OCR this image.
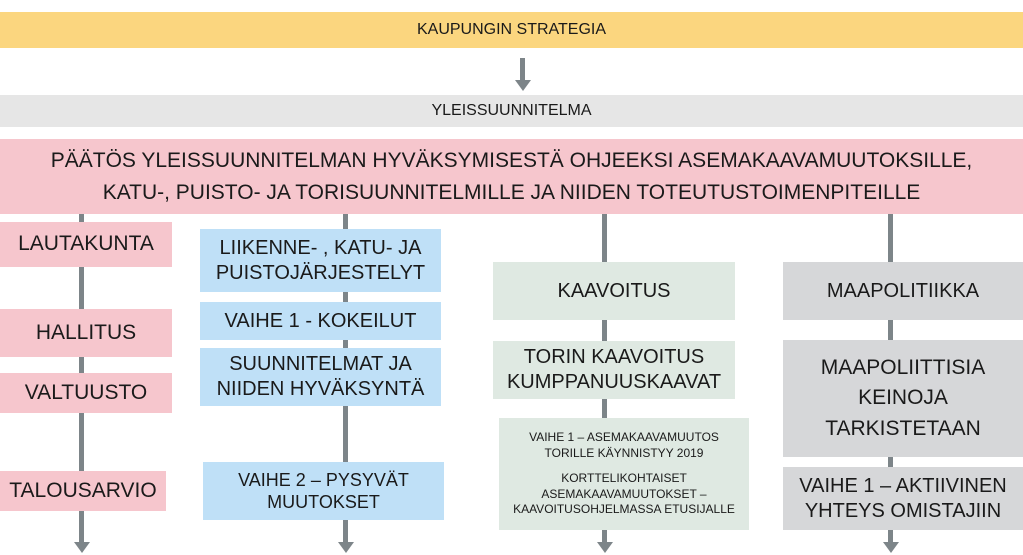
KAUPUNGIN STRATEGIA
YLEISSUUNNITELMA
PÄÄTÖS YLEISSUUNNITELMAN HYVÄKSYMISESTÄ OHJEEKSI ASEMAKAAVAMUUTOKSILLE,
KATU-, PUISTO- JA TORISUUNNITELMILLE JA NIIDEN TOTEUTUSTOIMENPITEILLE
LAUTAKUNTA
HALLITUS
VALTUUSTO
TALOUSARVIO
LIIKENNE- , KATU- JA
PUISTOJÄRJESTELYT
VAIHE 1 - KOKEILUT
SUUNNITELMAT JA
NIIDEN HYVÄKSYNTÄ
VAIHE 2 – PYSYVÄT
MUUTOKSET
KAAVOITUS
TORIN KAAVOITUS
KUMPPANUUSKAAVAT
VAIHE 1 – ASEMAKAAVAMUUTOS
TORILLE KÄYNNISTYY 2019
KORTTELIKOHTAISET
ASEMAKAAVAMUUTOKSET –
KAAVOITUSOHJELMASSA ETUSIJALLE
MAAPOLITIIKKA
MAAPOLIITTISIA
KEINOJA
TARKISTETAAN
VAIHE 1 – AKTIIVINEN
YHTEYS OMISTAJIIN
